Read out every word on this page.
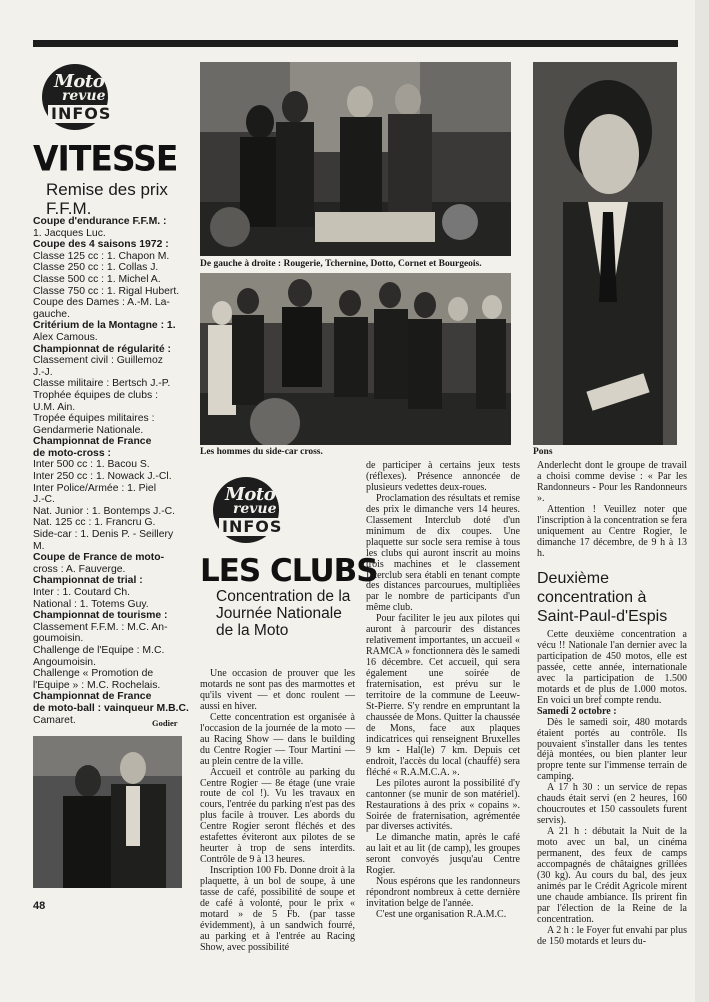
Moto
revue
INFOS
VITESSE
Remise des prix F.F.M.
Coupe d'endurance F.F.M. :
1. Jacques Luc.
Coupe des 4 saisons 1972 :
Classe 125 cc : 1. Chapon M.
Classe 250 cc : 1. Collas J.
Classe 500 cc : 1. Michel A.
Classe 750 cc : 1. Rigal Hubert.
Coupe des Dames : A.-M. La-
gauche.
Critérium de la Montagne : 1.
Alex Camous.
Championnat de régularité :
Classement civil : Guillemoz
J.-J.
Classe militaire : Bertsch J.-P.
Trophée équipes de clubs :
U.M. Ain.
Tropée équipes militaires :
Gendarmerie Nationale.
Championnat de France
de moto-cross :
Inter 500 cc : 1. Bacou S.
Inter 250 cc : 1. Nowack J.-Cl.
Inter Police/Armée : 1. Piel
J.-C.
Nat. Junior : 1. Bontemps J.-C.
Nat. 125 cc : 1. Francru G.
Side-car : 1. Denis P. - Seillery
M.
Coupe de France de moto-
cross : A. Fauverge.
Championnat de trial :
Inter : 1. Coutard Ch.
National : 1. Totems Guy.
Championnat de tourisme :
Classement F.F.M. : M.C. An-
goumoisin.
Challenge de l'Equipe : M.C.
Angoumoisin.
Challenge « Promotion de
l'Equipe » : M.C. Rochelais.
Championnat de France
de moto-ball : vainqueur M.B.C.
Camaret.	Godier
De gauche à droite : Rougerie, Tchernine, Dotto, Cornet et Bourgeois.
Les hommes du side-car cross.	Pons
Moto
revue
INFOS
LES CLUBS
Concentration de la Journée Nationale de la Moto

Une occasion de prouver que les motards ne sont pas des marmottes et qu'ils vivent — et donc roulent — aussi en hiver.

Cette concentration est organisée à l'occasion de la journée de la moto — au Racing Show — dans le building du Centre Rogier — Tour Martini — au plein centre de la ville.

Accueil et contrôle au parking du Centre Rogier — 8e étage (une vraie route de col !). Vu les travaux en cours, l'entrée du parking n'est pas des plus facile à trouver. Les abords du Centre Rogier seront fléchés et des estafettes éviteront aux pilotes de se heurter à trop de sens interdits. Contrôle de 9 à 13 heures.

Inscription 100 Fb. Donne droit à la plaquette, à un bol de soupe, à une tasse de café, possibilité de soupe et de café à volonté, pour le prix « motard » de 5 Fb. (par tasse évidemment), à un sandwich fourré, au parking et à l'entrée au Racing Show, avec possibilité

de participer à certains jeux tests (réflexes). Présence annoncée de plusieurs vedettes deux-roues.

Proclamation des résultats et remise des prix le dimanche vers 14 heures. Classement Interclub doté d'un minimum de dix coupes. Une plaquette sur socle sera remise à tous les clubs qui auront inscrit au moins trois machines et le classement Interclub sera établi en tenant compte des distances parcourues, multipliées par le nombre de participants d'un même club.

Pour faciliter le jeu aux pilotes qui auront à parcourir des distances relativement importantes, un accueil « RAMCA » fonctionnera dès le samedi 16 décembre. Cet accueil, qui sera également une soirée de fraternisation, est prévu sur le territoire de la commune de Leeuw-St-Pierre. S'y rendre en empruntant la chaussée de Mons. Quitter la chaussée de Mons, face aux plaques indicatrices qui renseignent Bruxelles 9 km - Hal(le) 7 km. Depuis cet endroit, l'accès du local (chauffé) sera fléché « R.A.M.C.A. ».

Les pilotes auront la possibilité d'y cantonner (se munir de son matériel). Restaurations à des prix « copains ». Soirée de fraternisation, agrémentée par diverses activités.

Le dimanche matin, après le café au lait et au lit (de camp), les groupes seront convoyés jusqu'au Centre Rogier.

Nous espérons que les randonneurs répondront nombreux à cette dernière invitation belge de l'année.

C'est une organisation R.A.M.C.

Anderlecht dont le groupe de travail a choisi comme devise : « Par les Randonneurs - Pour les Randonneurs ».

Attention ! Veuillez noter que l'inscription à la concentration se fera uniquement au Centre Rogier, le dimanche 17 décembre, de 9 h à 13 h.

Deuxième concentration à Saint-Paul-d'Espis

Cette deuxième concentration a vécu !! Nationale l'an dernier avec la participation de 450 motos, elle est passée, cette année, internationale avec la participation de 1.500 motards et de plus de 1.000 motos. En voici un bref compte rendu.

Samedi 2 octobre :

Dès le samedi soir, 480 motards étaient portés au contrôle. Ils pouvaient s'installer dans les tentes déjà montées, ou bien planter leur propre tente sur l'immense terrain de camping.

A 17 h 30 : un service de repas chauds était servi (en 2 heures, 160 choucroutes et 150 cassoulets furent servis).

A 21 h : débutait la Nuit de la moto avec un bal, un cinéma permanent, des feux de camps accompagnés de châtaignes grillées (30 kg). Au cours du bal, des jeux animés par le Crédit Agricole mirent une chaude ambiance. Ils prirent fin par l'élection de la Reine de la concentration.

A 2 h : le Foyer fut envahi par plus de 150 motards et leurs du-

48
